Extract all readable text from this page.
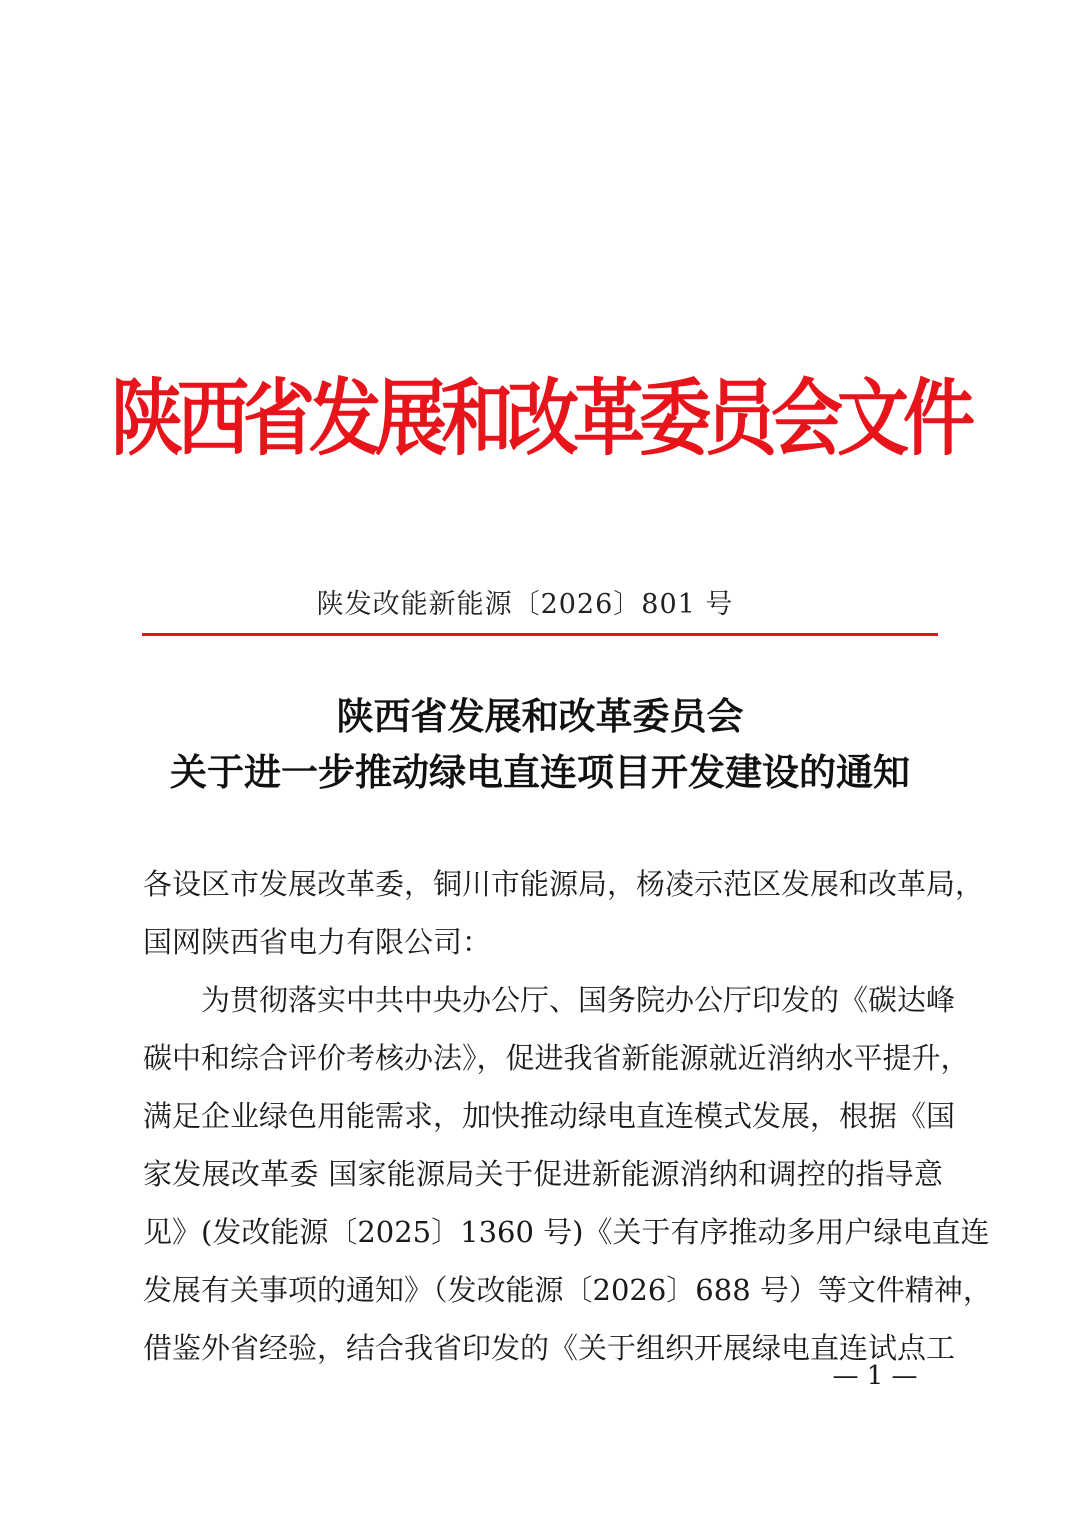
陕西省发展和改革委员会文件
陕发改能新能源〔2026〕801 号
陕西省发展和改革委员会
关于进一步推动绿电直连项目开发建设的通知
各设区市发展改革委，铜川市能源局，杨凌示范区发展和改革局，
国网陕西省电力有限公司：
　　为贯彻落实中共中央办公厅、国务院办公厅印发的《碳达峰
碳中和综合评价考核办法》，促进我省新能源就近消纳水平提升，
满足企业绿色用能需求，加快推动绿电直连模式发展，根据《国
家发展改革委 国家能源局关于促进新能源消纳和调控的指导意
见》(发改能源〔2025〕1360 号)《关于有序推动多用户绿电直连
发展有关事项的通知》（发改能源〔2026〕688 号）等文件精神，
借鉴外省经验，结合我省印发的《关于组织开展绿电直连试点工
— 1 —
